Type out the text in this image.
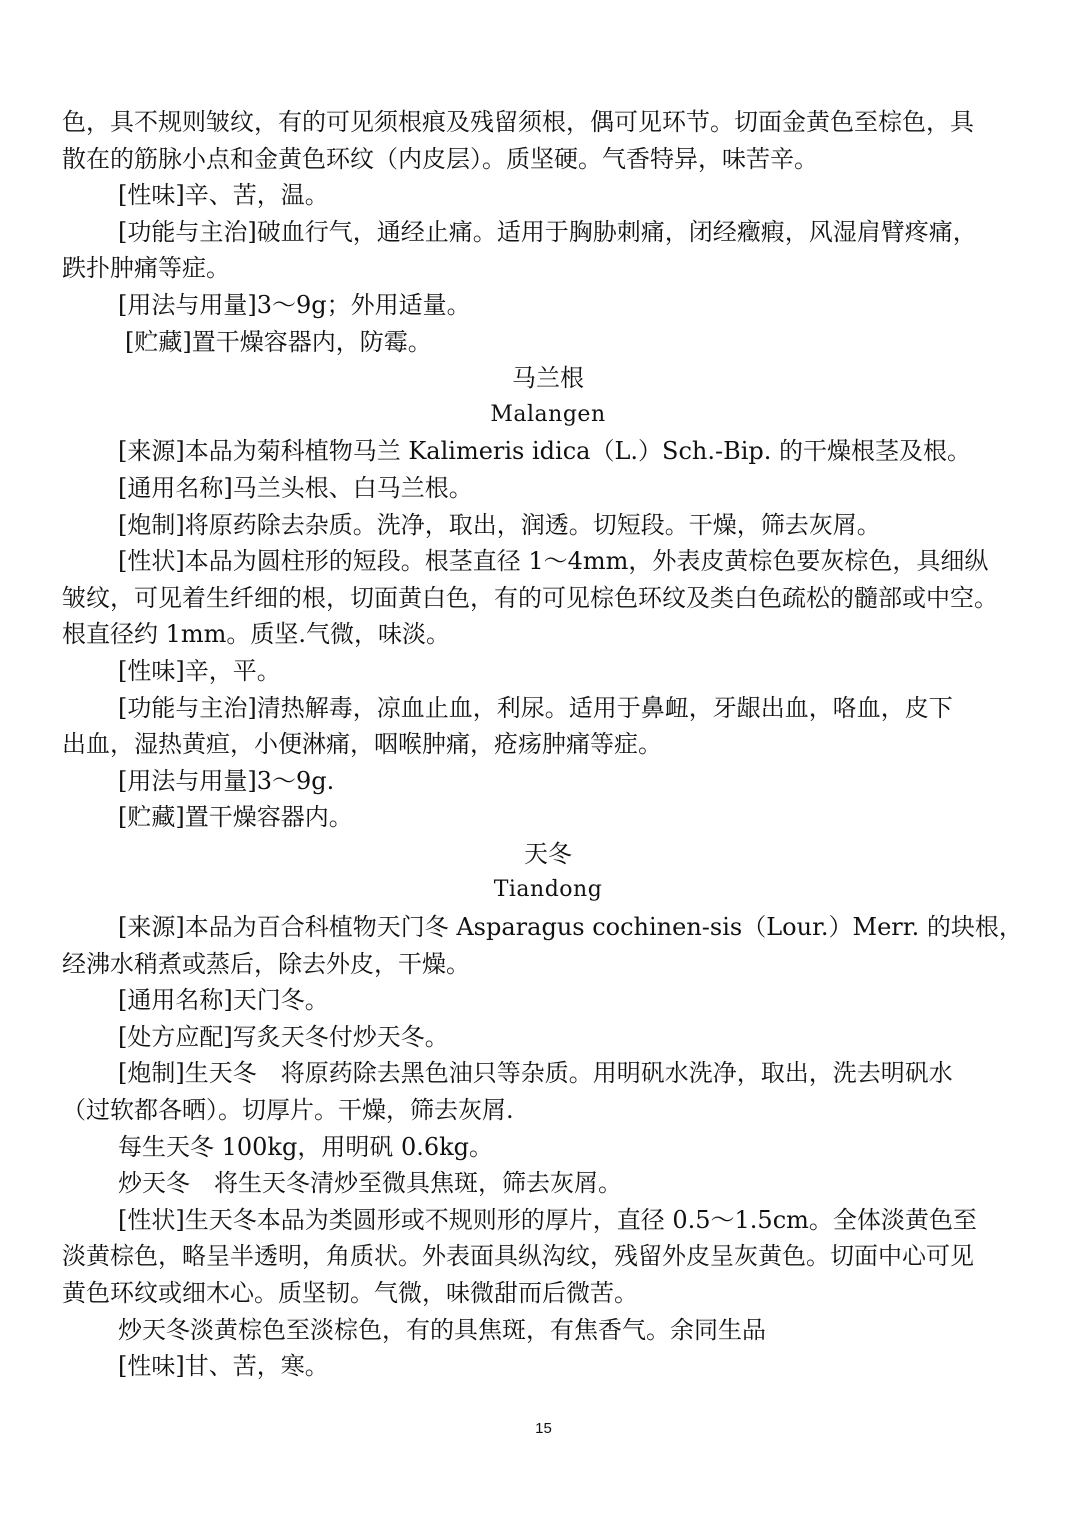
色，具不规则皱纹，有的可见须根痕及残留须根，偶可见环节。切面金黄色至棕色，具

散在的筋脉小点和金黄色环纹（内皮层）。质坚硬。气香特异，味苦辛。

[性味]辛、苦，温。

[功能与主治]破血行气，通经止痛。适用于胸胁刺痛，闭经癥瘕，风湿肩臂疼痛，

跌扑肿痛等症。

[用法与用量]3～9g；外用适量。

[贮藏]置干燥容器内，防霉。

马兰根

Malangen

[来源]本品为菊科植物马兰 Kalimeris idica（L.）Sch.-Bip. 的干燥根茎及根。

[通用名称]马兰头根、白马兰根。

[炮制]将原药除去杂质。洗净，取出，润透。切短段。干燥，筛去灰屑。

[性状]本品为圆柱形的短段。根茎直径 1～4mm，外表皮黄棕色要灰棕色，具细纵

皱纹，可见着生纤细的根，切面黄白色，有的可见棕色环纹及类白色疏松的髓部或中空。

根直径约 1mm。质坚.气微，味淡。

[性味]辛，平。

[功能与主治]清热解毒，凉血止血，利尿。适用于鼻衄，牙龈出血，咯血，皮下

出血，湿热黄疸，小便淋痛，咽喉肿痛，疮疡肿痛等症。

[用法与用量]3～9g.

[贮藏]置干燥容器内。

天冬

Tiandong

[来源]本品为百合科植物天门冬 Asparagus cochinen-sis（Lour.）Merr. 的块根，

经沸水稍煮或蒸后，除去外皮，干燥。

[通用名称]天门冬。

[处方应配]写炙天冬付炒天冬。

[炮制]生天冬　将原药除去黑色油只等杂质。用明矾水洗净，取出，洗去明矾水

（过软都各晒）。切厚片。干燥，筛去灰屑.

每生天冬 100kg，用明矾 0.6kg。

炒天冬　将生天冬清炒至微具焦斑，筛去灰屑。

[性状]生天冬本品为类圆形或不规则形的厚片，直径 0.5～1.5cm。全体淡黄色至

淡黄棕色，略呈半透明，角质状。外表面具纵沟纹，残留外皮呈灰黄色。切面中心可见

黄色环纹或细木心。质坚韧。气微，味微甜而后微苦。

炒天冬淡黄棕色至淡棕色，有的具焦斑，有焦香气。余同生品

[性味]甘、苦，寒。

15
